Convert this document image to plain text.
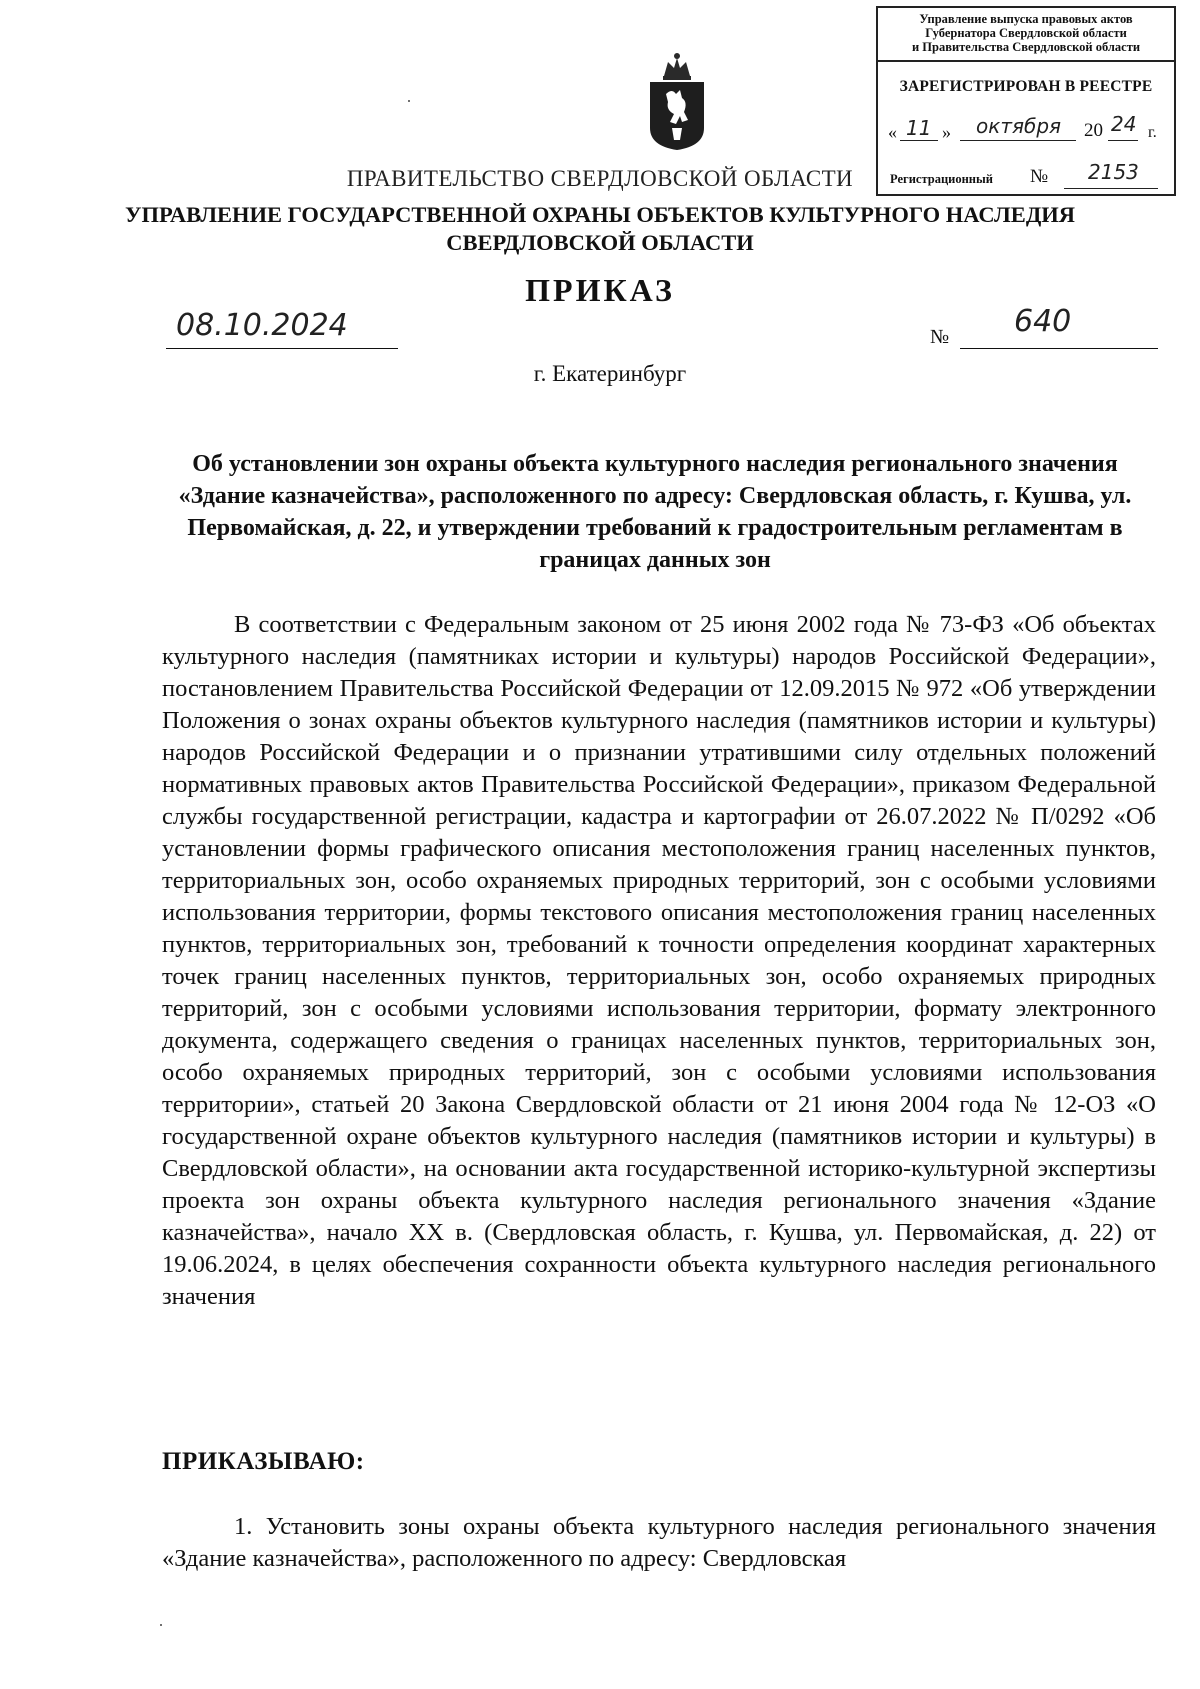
Управление выпуска правовых актов
Губернатора Свердловской области
и Правительства Свердловской области
ЗАРЕГИСТРИРОВАН В РЕЕСТРЕ
« 11 » октября 20 24 г.
Регистрационный № 2153
ПРАВИТЕЛЬСТВО СВЕРДЛОВСКОЙ ОБЛАСТИ
УПРАВЛЕНИЕ ГОСУДАРСТВЕННОЙ ОХРАНЫ ОБЪЕКТОВ КУЛЬТУРНОГО НАСЛЕДИЯ
СВЕРДЛОВСКОЙ ОБЛАСТИ
ПРИКАЗ
08.10.2024	№ 640
г. Екатеринбург
Об установлении зон охраны объекта культурного наследия регионального значения «Здание казначейства», расположенного по адресу: Свердловская область, г. Кушва, ул. Первомайская, д. 22, и утверждении требований к градостроительным регламентам в границах данных зон
В соответствии с Федеральным законом от 25 июня 2002 года № 73-ФЗ «Об объектах культурного наследия (памятниках истории и культуры) народов Российской Федерации», постановлением Правительства Российской Федерации от 12.09.2015 № 972 «Об утверждении Положения о зонах охраны объектов культурного наследия (памятников истории и культуры) народов Российской Федерации и о признании утратившими силу отдельных положений нормативных правовых актов Правительства Российской Федерации», приказом Федеральной службы государственной регистрации, кадастра и картографии от 26.07.2022 № П/0292 «Об установлении формы графического описания местоположения границ населенных пунктов, территориальных зон, особо охраняемых природных территорий, зон с особыми условиями использования территории, формы текстового описания местоположения границ населенных пунктов, территориальных зон, требований к точности определения координат характерных точек границ населенных пунктов, территориальных зон, особо охраняемых природных территорий, зон с особыми условиями использования территории, формату электронного документа, содержащего сведения о границах населенных пунктов, территориальных зон, особо охраняемых природных территорий, зон с особыми условиями использования территории», статьей 20 Закона Свердловской области от 21 июня 2004 года № 12-ОЗ «О государственной охране объектов культурного наследия (памятников истории и культуры) в Свердловской области», на основании акта государственной историко-культурной экспертизы проекта зон охраны объекта культурного наследия регионального значения «Здание казначейства», начало XX в. (Свердловская область, г. Кушва, ул. Первомайская, д. 22) от 19.06.2024, в целях обеспечения сохранности объекта культурного наследия регионального значения
ПРИКАЗЫВАЮ:
1. Установить зоны охраны объекта культурного наследия регионального значения «Здание казначейства», расположенного по адресу: Свердловская
